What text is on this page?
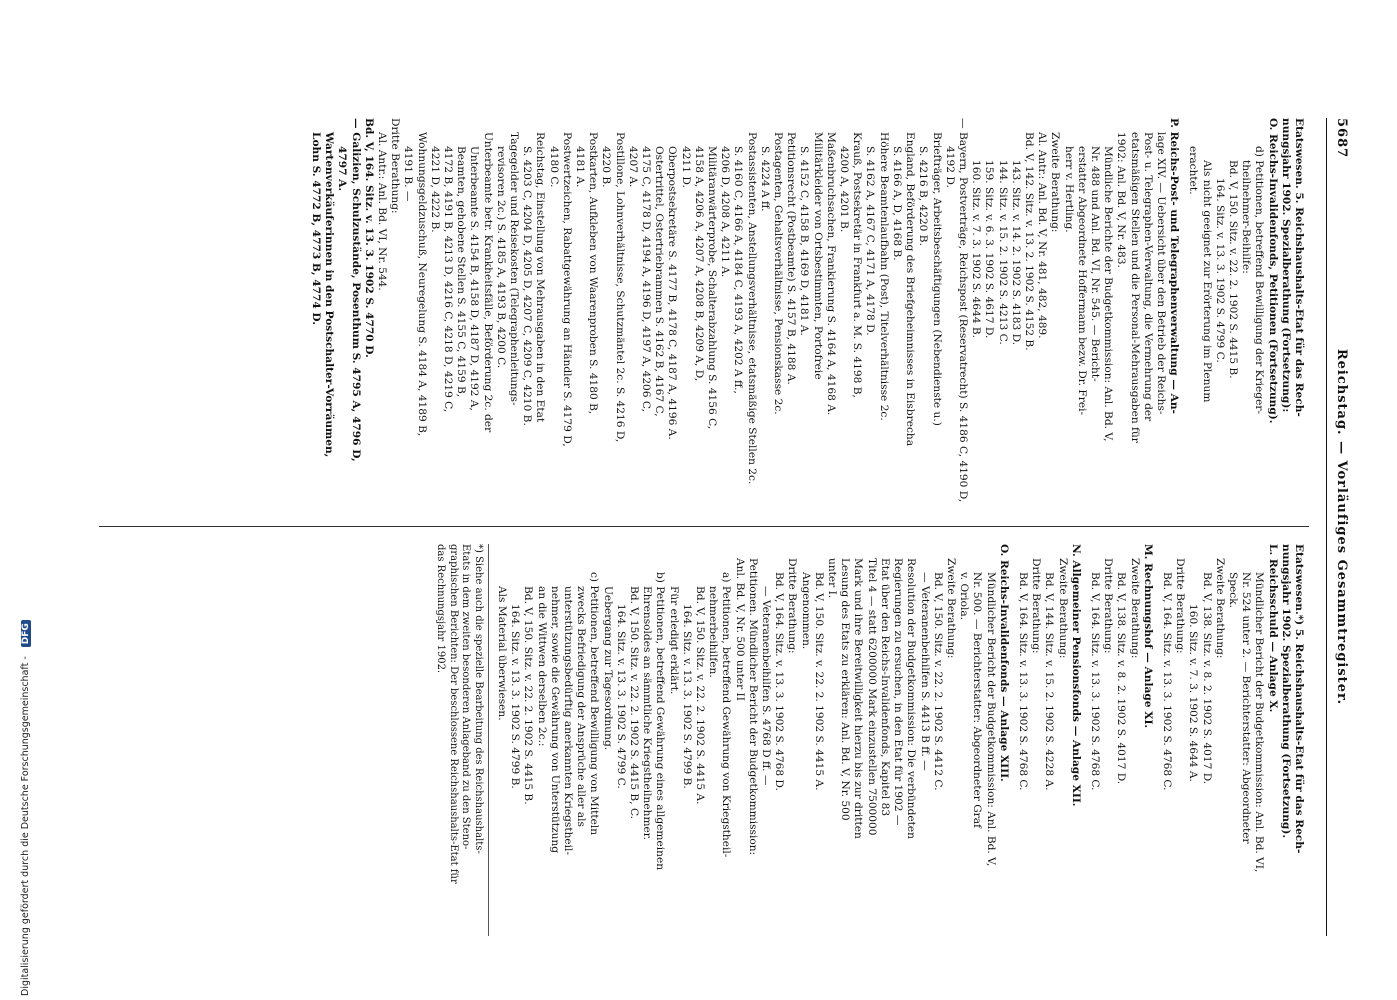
Digitalisierung gefördert durch die Deutsche Forschungsgemeinschaft - DFG
5687
Reichstag. — Vorläufiges Gesammtregister.
Etatswesen. 5. Reichshaushalts-Etat für das Rech-
nungsjahr 1902. Spezialberathung (Fortsetzung):
O. Reichs-Invalidenfonds, Petitionen (Fortsetzung).
d) Petitionen, betreffend Bewilligung der Krieger-
theilnehmer-Beihilfe:
Bd. V, 150. Sitz. v. 22. 2. 1902 S. 4415 B.
164. Sitz. v. 13. 3. 1902 S. 4799 C.
Als nicht geeignet zur Erörterung im Plenum
erachtet.
P. Reichs-Post- und Telegraphenverwaltung — An-
lage XIV. — Uebersicht über den Betrieb der Reichs-
Post- u. Telegraphen-Verwaltung, die Vermehrung der
etatsmäßigen Stellen und die Personal-Mehrausgaben für
1902: Anl. Bd. V, Nr. 483.
Mündliche Berichte der Budgetkommission: Anl. Bd. V,
Nr. 488 und Anl. Bd. VI, Nr. 545. — Bericht-
erstatter Abgeordnete Hoffermann bezw. Dr. Frei-
herr v. Hertling.
Zweite Berathung:
Al. Antr.: Anl. Bd. V, Nr. 481, 482, 489.
Bd. V, 142. Sitz. v. 13. 2. 1902 S. 4152 B.
143. Sitz. v. 14. 2. 1902 S. 4183 D.
144. Sitz. v. 15. 2. 1902 S. 4213 C.
159. Sitz. v. 6. 3. 1902 S. 4617 D.
160. Sitz. v. 7. 3. 1902 S. 4644 B.
— Bayern, Postverträge, Reichspost (Reservatrecht) S. 4186 C, 4190 D,
4192 D.
Briefträger, Arbeitsbeschäftigungen (Nebendienste u.)
S. 4216 B, 4220 B.
England, Beförderung des Briefgeheimnisses in Eisbrecha
S. 4166 A, D, 4168 B.
Höhere Beamtenlaufbahn (Post), Titelverhältnisse 2c.
S. 4162 A, 4167 C, 4171 A, 4178 D.
Krauß, Postsekretär in Frankfurt a. M. S. 4198 B,
4200 A, 4201 B.
Maßenbruchsachen, Frankierung S. 4164 A, 4168 A.
Militärkleider von Ortsbestimmten, Portofreie
S. 4152 C, 4158 B, 4169 D, 4181 A.
Petitionsrecht (Postbeamte) S. 4157 B, 4188 A.
Postagenten, Gehaltsverhältnisse, Pensionskasse 2c.
S. 4224 A ff.
Postassistenten, Anstellungsverhältnisse, etatsmäßige Stellen 2c.
S. 4160 C, 4166 A, 4184 C, 4193 A, 4202 A ff.,
4206 D, 4208 A, 4211 A.
Militäranwärterprobe, Schalterabzahlung S. 4156 C,
4158 A, 4206 A, 4207 A, 4208 B, 4209 A, D,
4211 D.
Oberpostsekretäre S. 4177 B, 4178 C, 4187 A, 4196 A.
Ostertrittel, Ostertriebrammen S. 4162 B, 4167 C,
4175 C, 4178 D, 4194 A, 4196 D, 4197 A, 4206 C,
4207 A.
Postillone, Lohnverhältnisse, Schutzmäntel 2c. S. 4216 D,
4220 B.
Postkarten, Aufkleben von Waarenproben S. 4180 B,
4181 A.
Postwertzeichen, Rabattgewährung an Händler S. 4179 D,
4180 C.
Reichstag, Einstellung von Mehrausgaben in den Etat
S. 4203 C, 4204 D, 4205 D, 4207 C, 4209 C, 4210 B.
Tagegelder und Reisekosten (Telegraphenleitungs-
revisoren 2c.) S. 4185 A, 4193 B, 4200 C.
Unterbeamte betr. Krankheitsfälle, Beförderung 2c. der
Unterbeamte S. 4154 B, 4158 D, 4187 D, 4192 A,
Beamten, gehobene Stellen S. 4155 C, 4159 B,
4172 B, 4191 B, 4213 D, 4216 C, 4218 D, 4219 C,
4221 D, 4222 B.
Wohnungsgeldzuschuß, Neuregelung S. 4184 A, 4189 B,
4191 B. —
Dritte Berathung:
Al. Antr.: Anl. Bd. VI, Nr. 544.
Bd. V, 164. Sitz. v. 13. 3. 1902 S. 4770 D.
— Galizien, Schulzustände, Posenthum S. 4795 A, 4796 D,
4797 A.
Wartenverkäuferinnen in den Postschalter-Vorräumen,
Lohn S. 4772 B, 4773 B, 4774 D.
Etatswesen.*) 5. Reichshaushalts-Etat für das Rech-
nungsjahr 1902. Spezialberathung (Fortsetzung).
L. Reichsschuld — Anlage X.
Mündlicher Bericht der Budgetkommission: Anl. Bd. VI,
Nr. 524 unter 2. — Berichterstatter: Abgeordneter
Speck.
Zweite Berathung:
Bd. V, 138. Sitz. v. 8. 2. 1902 S. 4017 D.
160. Sitz. v. 7. 3. 1902 S. 4644 A.
Dritte Berathung:
Bd. V, 164. Sitz. v. 13. 3. 1902 S. 4768 C.
M. Rechnungshof — Anlage XI.
Zweite Berathung:
Bd. V, 138. Sitz. v. 8. 2. 1902 S. 4017 D.
Dritte Berathung:
Bd. V, 164. Sitz. v. 13. 3. 1902 S. 4768 C.
N. Allgemeiner Pensionsfonds — Anlage XII.
Zweite Berathung:
Bd. V, 144. Sitz. v. 15. 2. 1902 S. 4228 A.
Dritte Berathung:
Bd. V, 164. Sitz. v. 13. 3. 1902 S. 4768 C.
O. Reichs-Invalidenfonds — Anlage XIII.
Mündlicher Bericht der Budgetkommission: Anl. Bd. V,
Nr. 500. — Berichterstatter: Abgeordneter Graf
v. Oriola.
Zweite Berathung:
Bd. V, 150. Sitz. v. 22. 2. 1902 S. 4412 C.
— Veteranenbeihilfen S. 4413 B ff. —
Resolution der Budgetkommission: Die verbündeten
Regierungen zu ersuchen, in den Etat für 1902 —
Etat über den Reichs-Invalidenfonds, Kapitel 83
Titel 4 — statt 6200000 Mark einzustellen 7500000
Mark und ihre Bereitwilligkeit hierzu bis zur dritten
Lesung des Etats zu erklären: Anl. Bd. V, Nr. 500
unter I.
Bd. V, 150. Sitz. v. 22. 2. 1902 S. 4415 A.
Angenommen.
Dritte Berathung:
Bd. V, 164. Sitz. v. 13. 3. 1902 S. 4768 D.
— Veteranenbeihilfen S. 4768 D ff. —
Petitionen. Mündlicher Bericht der Budgetkommission:
Anl. Bd. V, Nr. 500 unter II
a) Petitionen, betreffend Gewährung von Kriegstheil-
nehmerbeihilfen.
Bd. V, 150. Sitz. v. 22. 2. 1902 S. 4415 A.
164. Sitz. v. 13. 3. 1902 S. 4799 B.
Für erledigt erklärt.
b) Petitionen, betreffend Gewährung eines allgemeinen
Ehrensoldes an sämmtliche Kriegstheilnehmer.
Bd. V, 150. Sitz. v. 22. 2. 1902 S. 4415 B, C.
164. Sitz. v. 13. 3. 1902 S. 4799 C.
Uebergang zur Tagesordnung.
c) Petitionen, betreffend Bewilligung von Mitteln
zwecks Befriedigung der Ansprüche aller als
unterstützungsbedürftig anerkannten Kriegstheil-
nehmer, sowie die Gewährung von Unterstützung
an die Wittwen derselben 2c.:
Bd. V, 150. Sitz. v. 22. 2. 1902 S. 4415 B.
164. Sitz. v. 13. 3. 1902 S. 4799 B.
Als Material überwiesen.
*) Siehe auch die spezielle Bearbeitung des Reichshaushalts-
Etats in dem zweiten besonderen Anlageband zu den Steno-
graphischen Berichten: Der beschlossene Reichshaushalts-Etat für
das Rechnungsjahr 1902.
